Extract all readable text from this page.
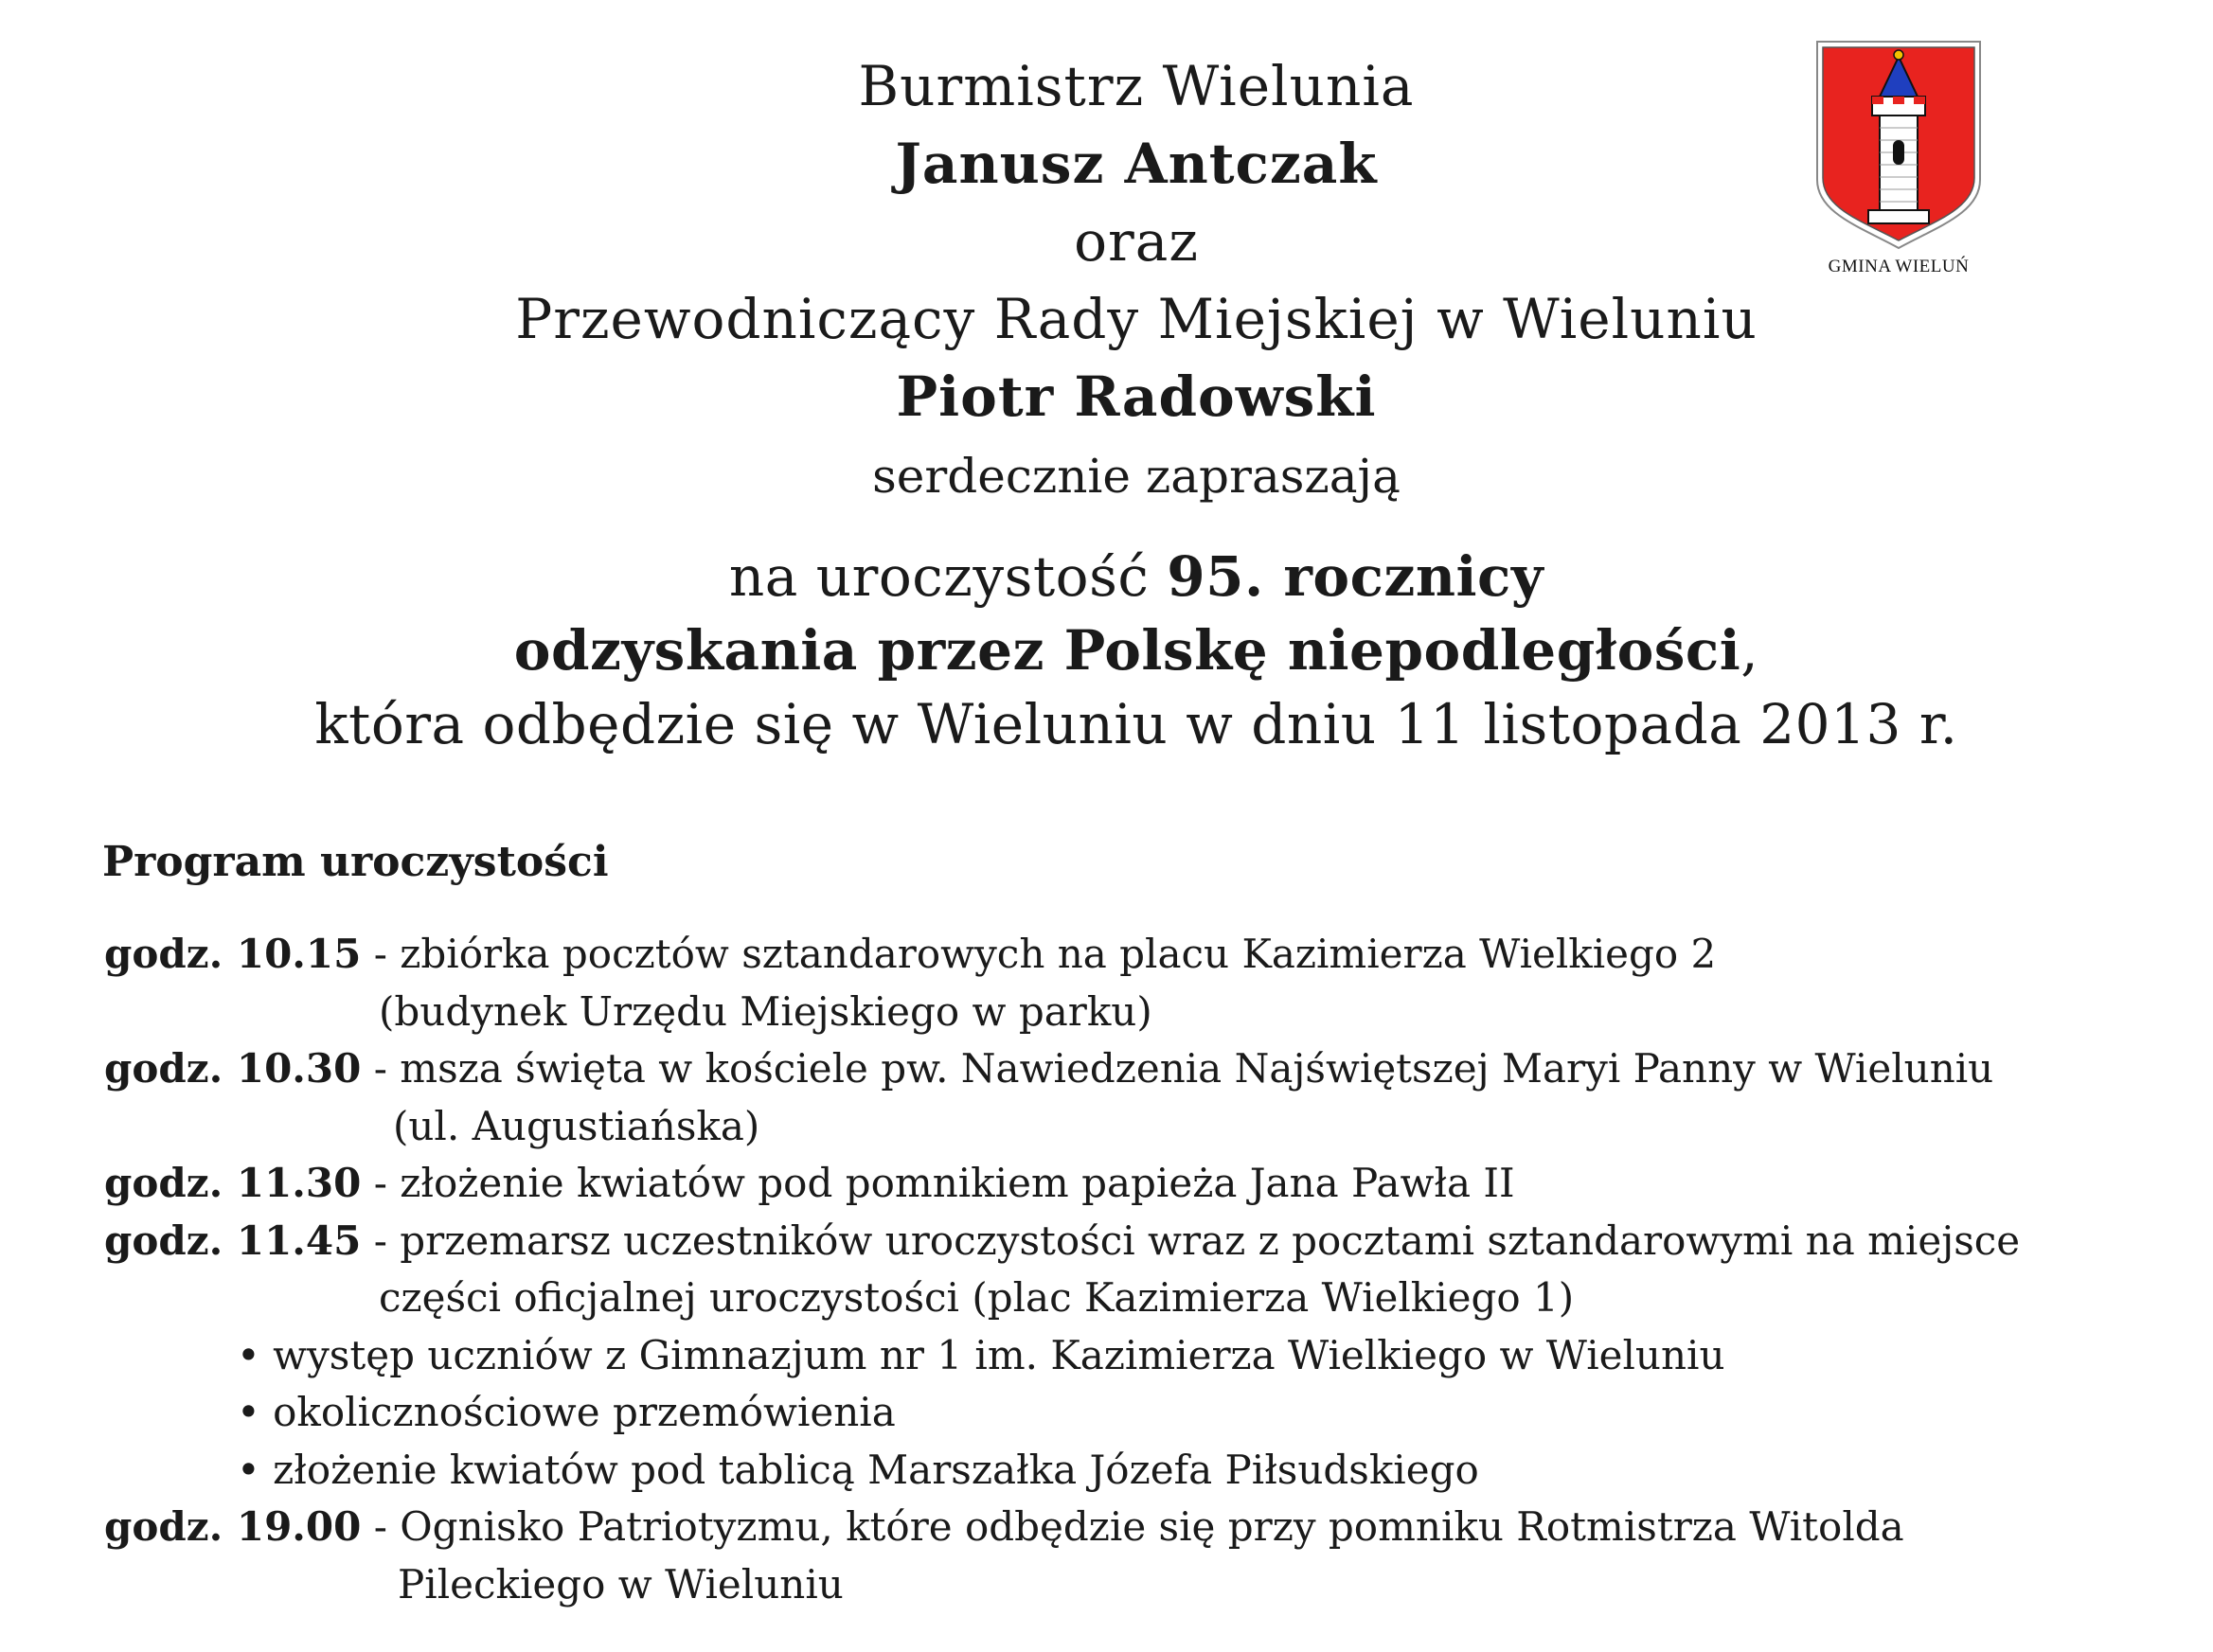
Burmistrz Wielunia
Janusz Antczak
oraz
Przewodniczący Rady Miejskiej w Wieluniu
Piotr Radowski
serdecznie zapraszają
GMINA WIELUŃ
na uroczystość 95. rocznicy
odzyskania przez Polskę niepodległości,
która odbędzie się w Wieluniu w dniu 11 listopada 2013 r.
Program uroczystości
godz. 10.15 - zbiórka pocztów sztandarowych na placu Kazimierza Wielkiego 2
(budynek Urzędu Miejskiego w parku)
godz. 10.30 - msza święta w kościele pw. Nawiedzenia Najświętszej Maryi Panny w Wieluniu
(ul. Augustiańska)
godz. 11.30 - złożenie kwiatów pod pomnikiem papieża Jana Pawła II
godz. 11.45 - przemarsz uczestników uroczystości wraz z pocztami sztandarowymi na miejsce
części oficjalnej uroczystości (plac Kazimierza Wielkiego 1)
• występ uczniów z Gimnazjum nr 1 im. Kazimierza Wielkiego w Wieluniu
• okolicznościowe przemówienia
• złożenie kwiatów pod tablicą Marszałka Józefa Piłsudskiego
godz. 19.00 - Ognisko Patriotyzmu, które odbędzie się przy pomniku Rotmistrza Witolda
Pileckiego w Wieluniu
